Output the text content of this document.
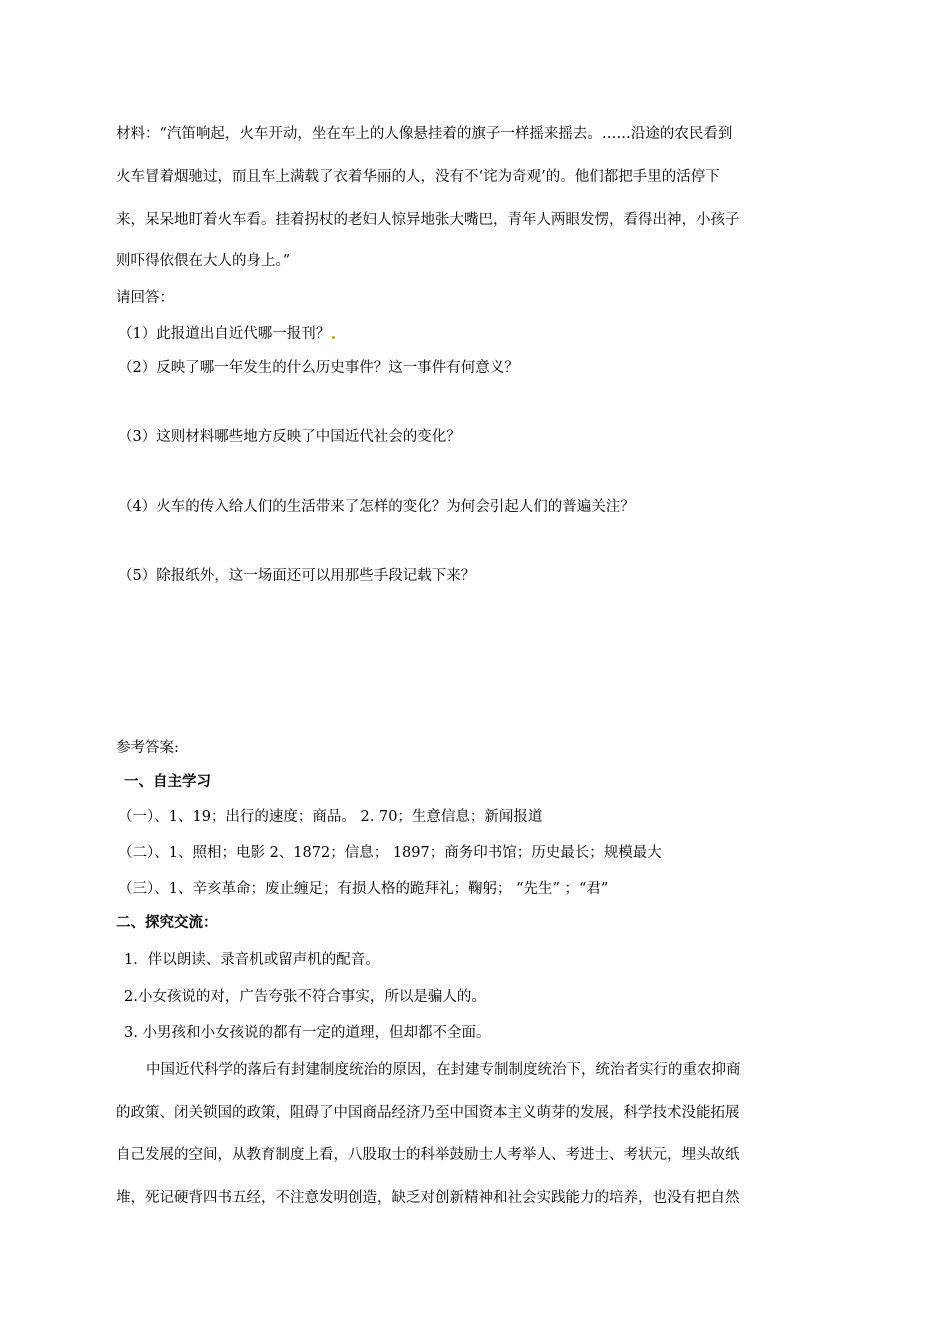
材料：“汽笛响起，火车开动，坐在车上的人像悬挂着的旗子一样摇来摇去。……沿途的农民看到
火车冒着烟驰过，而且车上满载了衣着华丽的人，没有不‘诧为奇观’的。他们都把手里的活停下
来，呆呆地盯着火车看。挂着拐杖的老妇人惊异地张大嘴巴，青年人两眼发愣，看得出神，小孩子
则吓得依偎在大人的身上。”
请回答：
（1）此报道出自近代哪一报刊？
（2）反映了哪一年发生的什么历史事件？这一事件有何意义？
（3）这则材料哪些地方反映了中国近代社会的变化？
（4）火车的传入给人们的生活带来了怎样的变化？为何会引起人们的普遍关注？
（5）除报纸外，这一场面还可以用那些手段记载下来？
参考答案:
一、自主学习
（一）、1、19；出行的速度；商品。 2. 70；生意信息；新闻报道
（二）、1、照相；电影 2、1872；信息； 1897；商务印书馆；历史最长；规模最大
（三）、1、辛亥革命；废止缠足；有损人格的跪拜礼；鞠躬； “先生” ；“君”
二、探究交流：
1．伴以朗读、录音机或留声机的配音。
2.小女孩说的对，广告夸张不符合事实，所以是骗人的。
3. 小男孩和小女孩说的都有一定的道理，但却都不全面。
中国近代科学的落后有封建制度统治的原因，在封建专制制度统治下，统治者实行的重农抑商
的政策、闭关锁国的政策，阻碍了中国商品经济乃至中国资本主义萌芽的发展，科学技术没能拓展
自己发展的空间，从教育制度上看，八股取士的科举鼓励士人考举人、考进士、考状元，埋头故纸
堆，死记硬背四书五经，不注意发明创造，缺乏对创新精神和社会实践能力的培养，也没有把自然
